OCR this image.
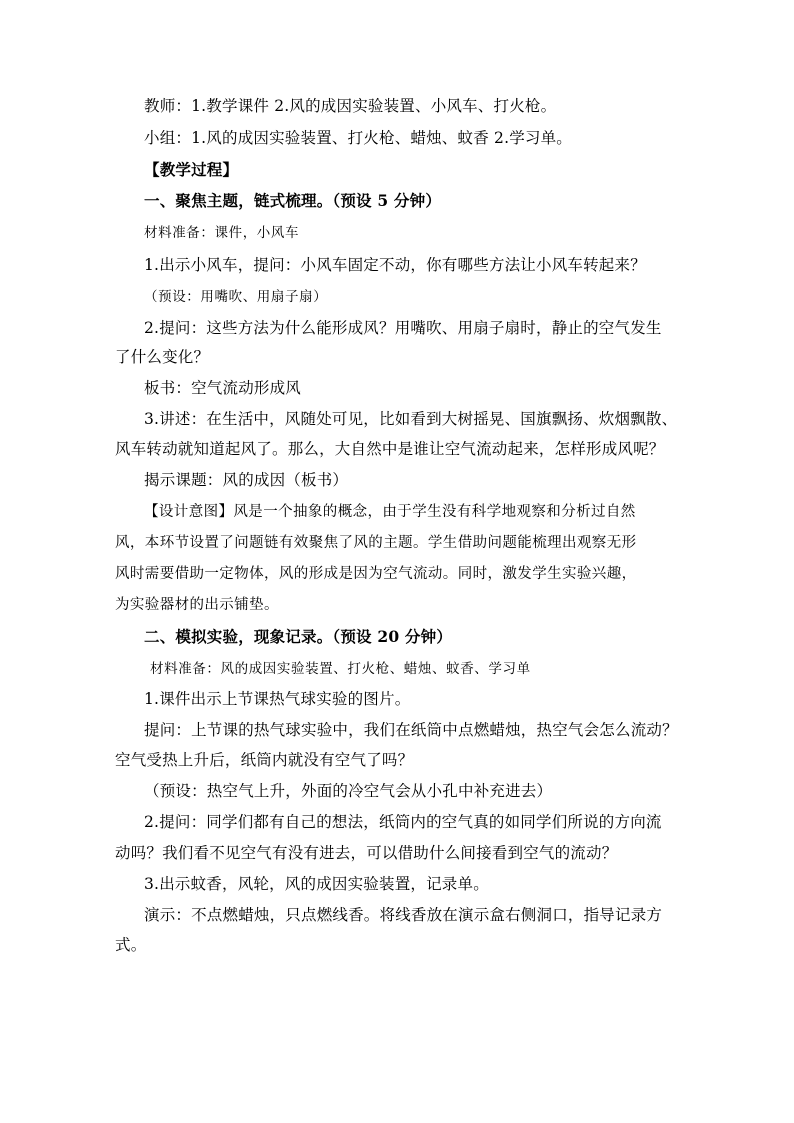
教师：1.教学课件 2.风的成因实验装置、小风车、打火枪。
小组：1.风的成因实验装置、打火枪、蜡烛、蚊香 2.学习单。
【教学过程】
一、聚焦主题，链式梳理。（预设 5 分钟）
材料准备：课件，小风车
1.出示小风车，提问：小风车固定不动，你有哪些方法让小风车转起来？
（预设：用嘴吹、用扇子扇）
2.提问：这些方法为什么能形成风？用嘴吹、用扇子扇时，静止的空气发生
了什么变化？
板书：空气流动形成风
3.讲述：在生活中，风随处可见，比如看到大树摇晃、国旗飘扬、炊烟飘散、
风车转动就知道起风了。那么，大自然中是谁让空气流动起来，怎样形成风呢？
揭示课题：风的成因（板书）
【设计意图】风是一个抽象的概念，由于学生没有科学地观察和分析过自然
风，本环节设置了问题链有效聚焦了风的主题。学生借助问题能梳理出观察无形
风时需要借助一定物体，风的形成是因为空气流动。同时，激发学生实验兴趣，
为实验器材的出示铺垫。
二、模拟实验，现象记录。（预设 20 分钟）
材料准备：风的成因实验装置、打火枪、蜡烛、蚊香、学习单
1.课件出示上节课热气球实验的图片。
提问：上节课的热气球实验中，我们在纸筒中点燃蜡烛，热空气会怎么流动？
空气受热上升后，纸筒内就没有空气了吗？
（预设：热空气上升，外面的冷空气会从小孔中补充进去）
2.提问：同学们都有自己的想法，纸筒内的空气真的如同学们所说的方向流
动吗？我们看不见空气有没有进去，可以借助什么间接看到空气的流动？
3.出示蚊香，风轮，风的成因实验装置，记录单。
演示：不点燃蜡烛，只点燃线香。将线香放在演示盒右侧洞口，指导记录方
式。
